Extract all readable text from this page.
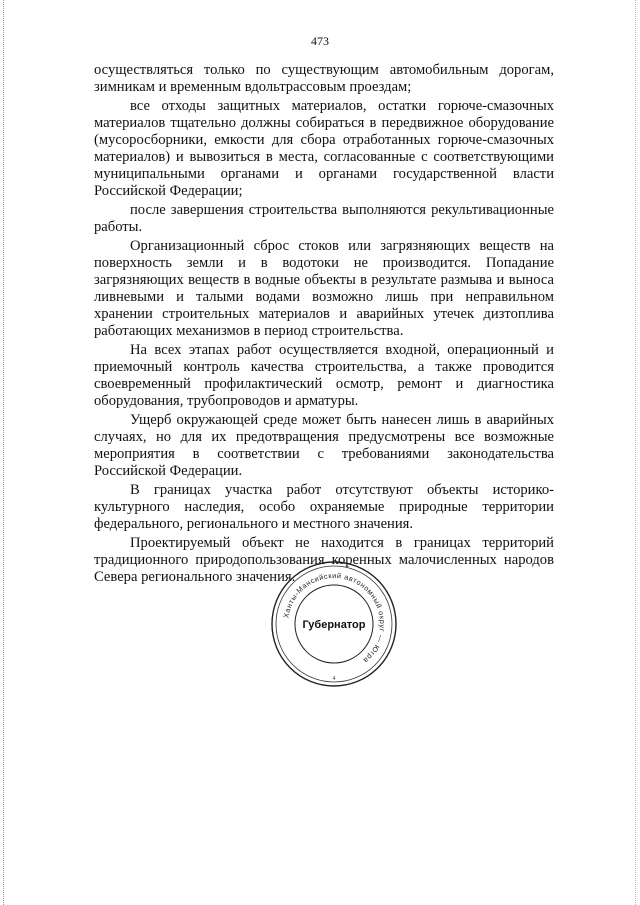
473

осуществляться только по существующим автомобильным дорогам, зимникам и временным вдольтрассовым проездам;

все отходы защитных материалов, остатки горюче-смазочных материалов тщательно должны собираться в передвижное оборудование (мусоросборники, емкости для сбора отработанных горюче-смазочных материалов) и вывозиться в места, согласованные с соответствующими муниципальными органами и органами государственной власти Российской Федерации;

после завершения строительства выполняются рекультивационные работы.

Организационный сброс стоков или загрязняющих веществ на поверхность земли и в водотоки не производится. Попадание загрязняющих веществ в водные объекты в результате размыва и выноса ливневыми и талыми водами возможно лишь при неправильном хранении строительных материалов и аварийных утечек дизтоплива работающих механизмов в период строительства.

На всех этапах работ осуществляется входной, операционный и приемочный контроль качества строительства, а также проводится своевременный профилактический осмотр, ремонт и диагностика оборудования, трубопроводов и арматуры.

Ущерб окружающей среде может быть нанесен лишь в аварийных случаях, но для их предотвращения предусмотрены все возможные мероприятия в соответствии с требованиями законодательства Российской Федерации.

В границах участка работ отсутствуют объекты историко-культурного наследия, особо охраняемые природные территории федерального, регионального и местного значения.

Проектируемый объект не находится в границах территорий традиционного природопользования коренных малочисленных народов Севера регионального значения.

Ханты-Мансийский автономный округ — Югра
Губернатор
4
